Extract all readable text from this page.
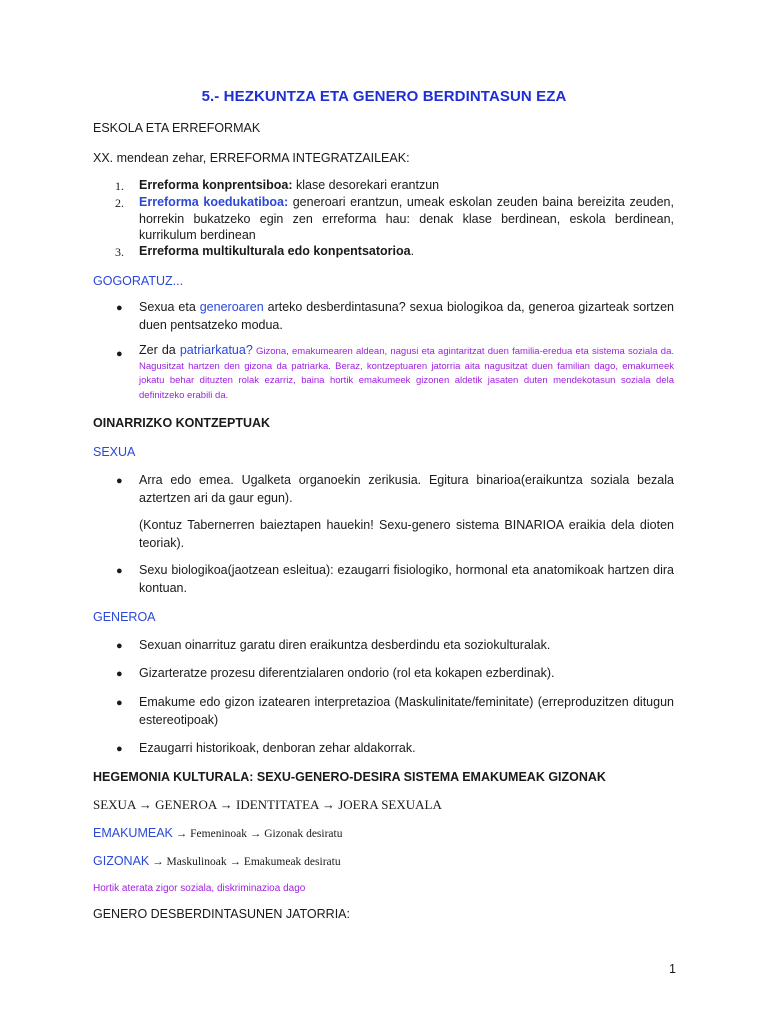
5.- HEZKUNTZA ETA GENERO BERDINTASUN EZA
ESKOLA ETA ERREFORMAK
XX. mendean zehar, ERREFORMA INTEGRATZAILEAK:
1. Erreforma konprentsiboa: klase desorekari erantzun
2. Erreforma koedukatiboa: generoari erantzun, umeak eskolan zeuden baina bereizita zeuden, horrekin bukatzeko egin zen erreforma hau: denak klase berdinean, eskola berdinean, kurrikulum berdinean
3. Erreforma multikulturala edo konpentsatorioa.
GOGORATUZ...
● Sexua eta generoaren arteko desberdintasuna? sexua biologikoa da, generoa gizarteak sortzen duen pentsatzeko modua.
● Zer da patriarkatua? Gizona, emakumearen aldean, nagusi eta agintaritzat duen familia-eredua eta sistema soziala da. Nagusitzat hartzen den gizona da patriarka. Beraz, kontzeptuaren jatorria aita nagusitzat duen familian dago, emakumeek jokatu behar dituzten rolak ezarriz, baina hortik emakumeek gizonen aldetik jasaten duten mendekotasun soziala dela definitzeko erabili da.
OINARRIZKO KONTZEPTUAK
SEXUA
● Arra edo emea. Ugalketa organoekin zerikusia. Egitura binarioa(eraikuntza soziala bezala aztertzen ari da gaur egun).
(Kontuz Tabernerren baieztapen hauekin! Sexu-genero sistema BINARIOA eraikia dela dioten teoriak).
● Sexu biologikoa(jaotzean esleitua): ezaugarri fisiologiko, hormonal eta anatomikoak hartzen dira kontuan.
GENEROA
● Sexuan oinarrituz garatu diren eraikuntza desberdindu eta soziokulturalak.
● Gizarteratze prozesu diferentzialaren ondorio (rol eta kokapen ezberdinak).
● Emakume edo gizon izatearen interpretazioa (Maskulinitate/feminitate) (erreproduzitzen ditugun estereotipoak)
● Ezaugarri historikoak, denboran zehar aldakorrak.
HEGEMONIA KULTURALA: SEXU-GENERO-DESIRA SISTEMA EMAKUMEAK GIZONAK
SEXUA → GENEROA → IDENTITATEA → JOERA SEXUALA
EMAKUMEAK → Femeninoak → Gizonak desiratu
GIZONAK → Maskulinoak → Emakumeak desiratu
Hortik aterata zigor soziala, diskriminazioa dago
GENERO DESBERDINTASUNEN JATORRIA:
1
